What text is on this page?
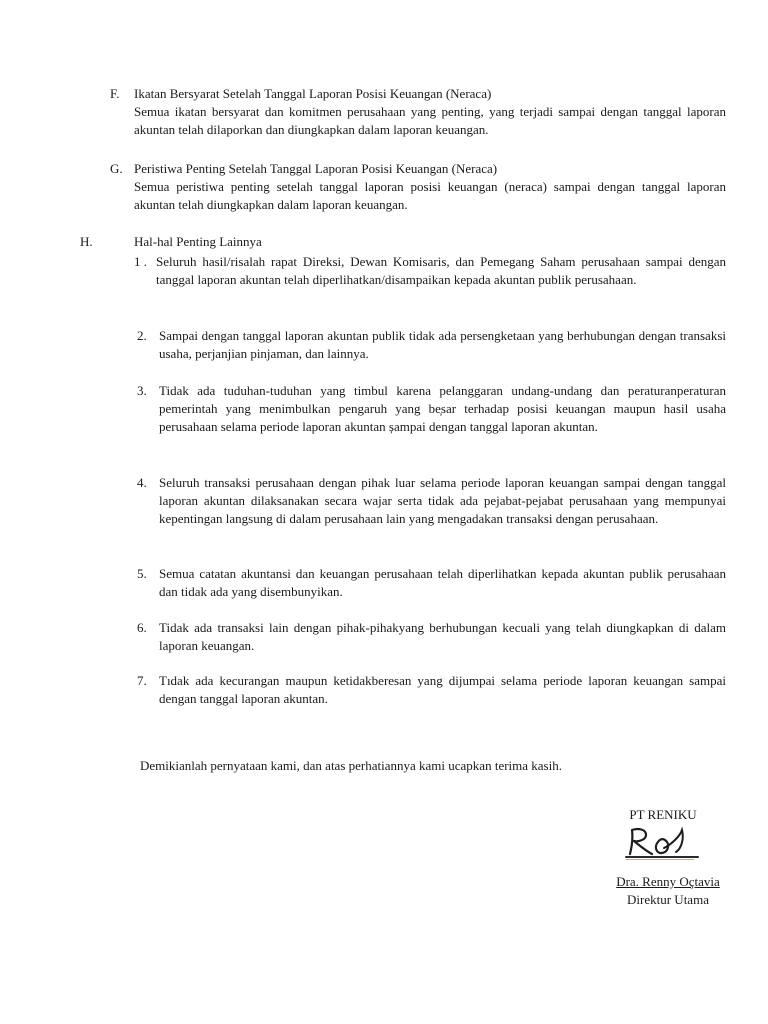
F. Ikatan Bersyarat Setelah Tanggal Laporan Posisi Keuangan (Neraca)
Semua ikatan bersyarat dan komitmen perusahaan yang penting, yang terjadi sampai dengan tanggal laporan akuntan telah dilaporkan dan diungkapkan dalam laporan keuangan.
G. Peristiwa Penting Setelah Tanggal Laporan Posisi Keuangan (Neraca)
Semua peristiwa penting setelah tanggal laporan posisi keuangan (neraca) sampai dengan tanggal laporan akuntan telah diungkapkan dalam laporan keuangan.
H.	Hal-hal Penting Lainnya
1 . Seluruh hasil/risalah rapat Direksi, Dewan Komisaris, dan Pemegang Saham perusahaan sampai dengan tanggal laporan akuntan telah diperlihatkan/disampaikan kepada akuntan publik perusahaan.
2. Sampai dengan tanggal laporan akuntan publik tidak ada persengketaan yang berhubungan dengan transaksi usaha, perjanjian pinjaman, dan lainnya.
3. Tidak ada tuduhan-tuduhan yang timbul karena pelanggaran undang-undang dan peraturanperaturan pemerintah yang menimbulkan pengaruh yang be̦sar terhadap posisi keuangan maupun hasil usaha perusahaan selama periode laporan akuntan șampai dengan tanggal laporan akuntan.
4. Seluruh transaksi perusahaan dengan pihak luar selama periode laporan keuangan sampai dengan tanggal laporan akuntan dilaksanakan secara wajar serta tidak ada pejabat-pejabat perusahaan yang mempunyai kepentingan langsung di dalam perusahaan lain yang mengadakan transaksi dengan perusahaan.
5. Semua catatan akuntansi dan keuangan perusahaan telah diperlihatkan kepada akuntan publik perusahaan dan tidak ada yang disembunyikan.
6. Tidak ada transaksi lain dengan pihak-pihakyang berhubungan kecuali yang telah diungkapkan di dalam laporan keuangan.
7. Tıdak ada kecurangan maupun ketidakberesan yang dijumpai selama periode laporan keuangan sampai dengan tanggal laporan akuntan.
Demikianlah pernyataan kami, dan atas perhatiannya kami ucapkan terima kasih.
PT RENIKU
Dra. Renny Oçtavia
Direktur Utama
